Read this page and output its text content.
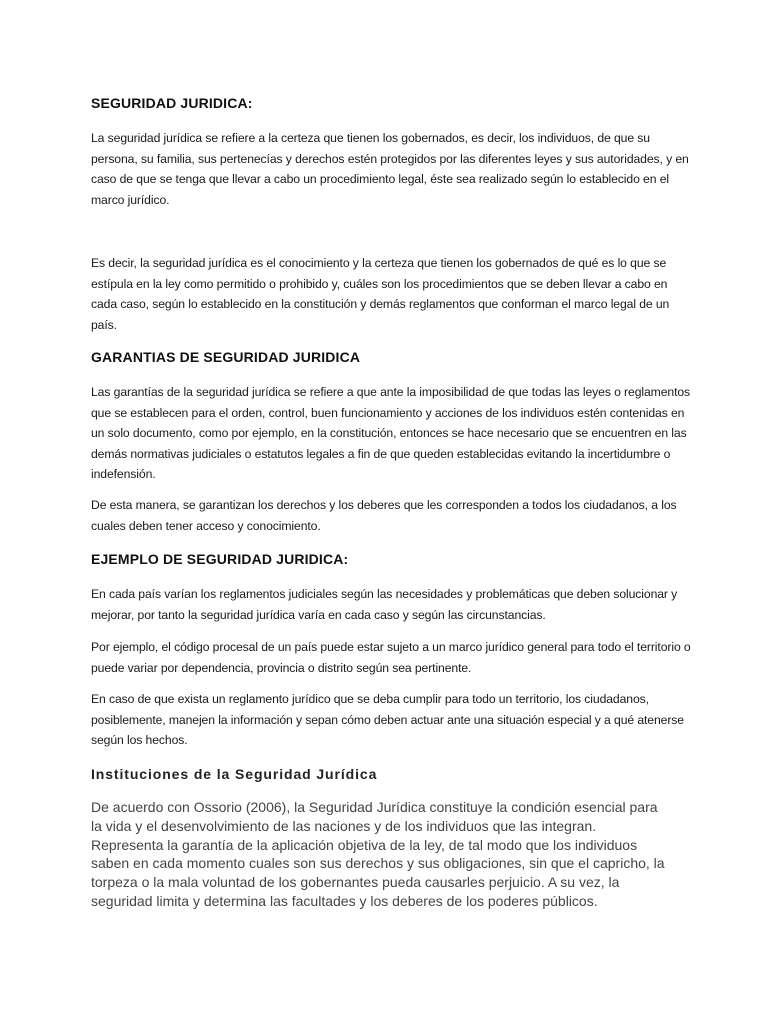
SEGURIDAD JURIDICA:

La seguridad jurídica se refiere a la certeza que tienen los gobernados, es decir, los individuos, de que su persona, su familia, sus pertenecías y derechos estén protegidos por las diferentes leyes y sus autoridades, y en caso de que se tenga que llevar a cabo un procedimiento legal, éste sea realizado según lo establecido en el marco jurídico.

Es decir, la seguridad jurídica es el conocimiento y la certeza que tienen los gobernados de qué es lo que se estípula en la ley como permitido o prohibido y, cuáles son los procedimientos que se deben llevar a cabo en cada caso, según lo establecido en la constitución y demás reglamentos que conforman el marco legal de un país.

GARANTIAS DE SEGURIDAD JURIDICA

Las garantías de la seguridad jurídica se refiere a que ante la imposibilidad de que todas las leyes o reglamentos que se establecen para el orden, control, buen funcionamiento y acciones de los individuos estén contenidas en un solo documento, como por ejemplo, en la constitución, entonces se hace necesario que se encuentren en las demás normativas judiciales o estatutos legales a fin de que queden establecidas evitando la incertidumbre o indefensión.

De esta manera, se garantizan los derechos y los deberes que les corresponden a todos los ciudadanos, a los cuales deben tener acceso y conocimiento.

EJEMPLO DE SEGURIDAD JURIDICA:

En cada país varían los reglamentos judiciales según las necesidades y problemáticas que deben solucionar y mejorar, por tanto la seguridad jurídica varía en cada caso y según las circunstancias.

Por ejemplo, el código procesal de un país puede estar sujeto a un marco jurídico general para todo el territorio o puede variar por dependencia, provincia o distrito según sea pertinente.

En caso de que exista un reglamento jurídico que se deba cumplir para todo un territorio, los ciudadanos, posiblemente, manejen la información y sepan cómo deben actuar ante una situación especial y a qué atenerse según los hechos.

Instituciones de la Seguridad Jurídica

De acuerdo con Ossorio (2006), la Seguridad Jurídica constituye la condición esencial para la vida y el desenvolvimiento de las naciones y de los individuos que las integran. Representa la garantía de la aplicación objetiva de la ley, de tal modo que los individuos saben en cada momento cuales son sus derechos y sus obligaciones, sin que el capricho, la torpeza o la mala voluntad de los gobernantes pueda causarles perjuicio. A su vez, la seguridad limita y determina las facultades y los deberes de los poderes públicos.
